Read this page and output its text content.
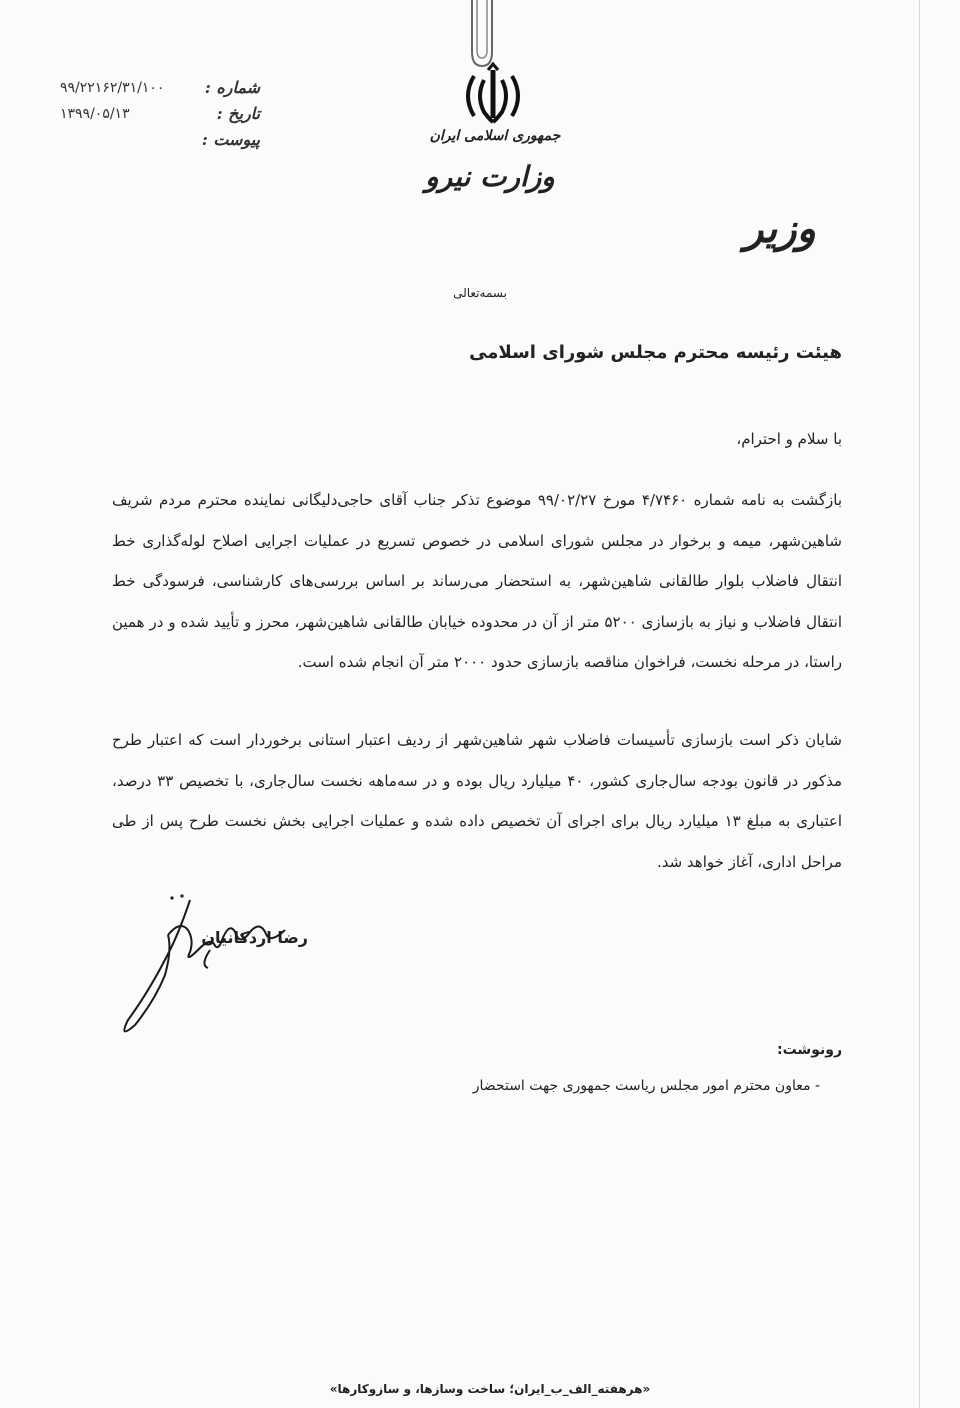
شماره :
۹۹/۲۲۱۶۲/۳۱/۱۰۰
تاریخ :
۱۳۹۹/۰۵/۱۳
پیوست :	جمهوری اسلامی ایران
وزارت نیرو
وزیر
بسمه‌تعالی
هیئت رئیسه محترم مجلس شورای اسلامی
با سلام و احترام،
بازگشت به نامه شماره ۴/۷۴۶۰ مورخ ۹۹/۰۲/۲۷ موضوع تذکر جناب آقای حاجی‌دلیگانی نماینده محترم مردم شریف شاهین‌شهر، میمه و برخوار در مجلس شورای اسلامی در خصوص تسریع در عملیات اجرایی اصلاح لوله‌گذاری خط انتقال فاضلاب بلوار طالقانی شاهین‌شهر، به استحضار می‌رساند بر اساس بررسی‌های کارشناسی، فرسودگی خط انتقال فاضلاب و نیاز به بازسازی ۵۲۰۰ متر از آن در محدوده خیابان طالقانی شاهین‌شهر، محرز و تأیید شده و در همین راستا، در مرحله نخست، فراخوان مناقصه بازسازی حدود ۲۰۰۰ متر آن انجام شده است.
شایان ذکر است بازسازی تأسیسات فاضلاب شهر شاهین‌شهر از ردیف اعتبار استانی برخوردار است که اعتبار طرح مذکور در قانون بودجه سال‌جاری کشور، ۴۰ میلیارد ریال بوده و در سه‌ماهه نخست سال‌جاری، با تخصیص ۳۳ درصد، اعتباری به مبلغ ۱۳ میلیارد ریال برای اجرای آن تخصیص داده شده و عملیات اجرایی بخش نخست طرح پس از طی مراحل اداری، آغاز خواهد شد.
رضا اردکانیان
رونوشت:
- معاون محترم امور مجلس ریاست جمهوری جهت استحضار
«هرهفته_الف_ب_ایران؛ ساخت وسازها، و سازوکارها»
